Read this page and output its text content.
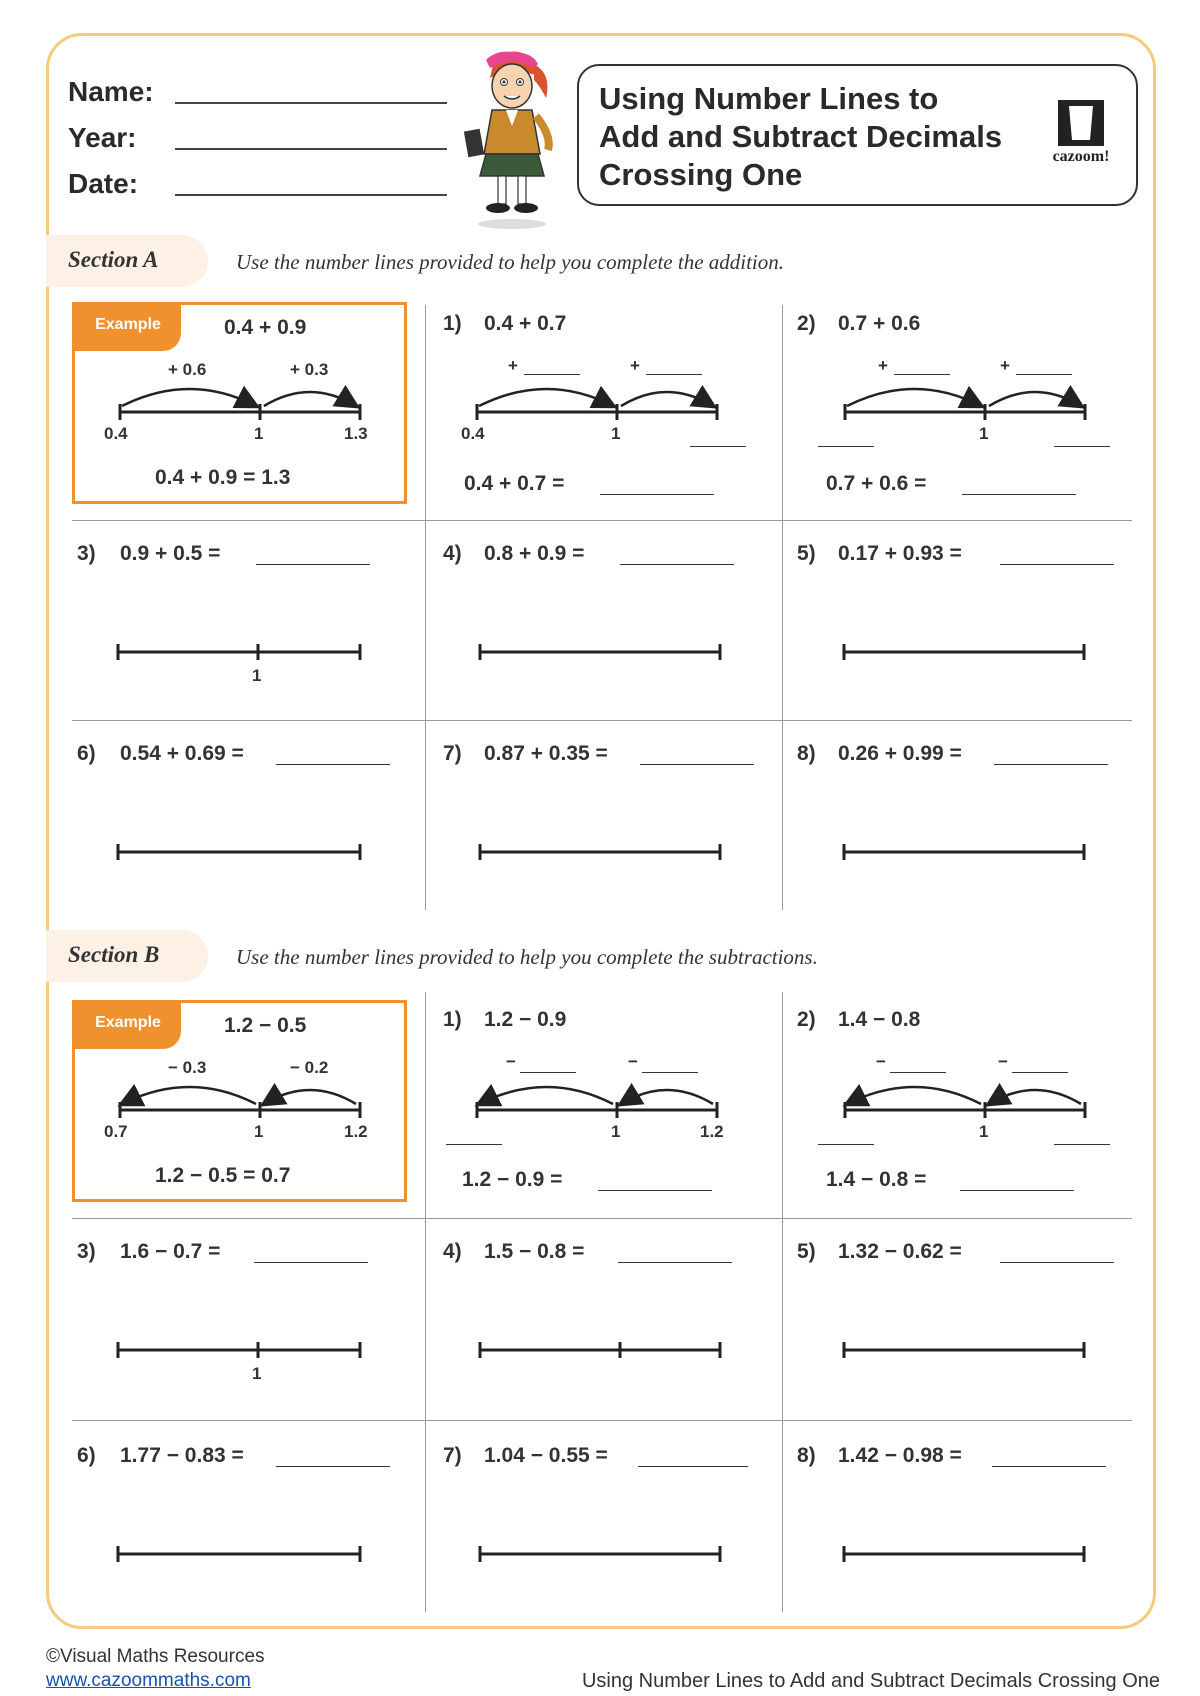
Name:
Year:
Date:
Using Number Lines to
Add and Subtract Decimals
Crossing One
cazoom!
Section A	Use the number lines provided to help you complete the addition.
Example	0.4 + 0.9
+ 0.6	+ 0.3
0.4	1	1.3
0.4 + 0.9 = 1.3
1) 0.4 + 0.7
+	+
0.4	1
0.4 + 0.7 =
2) 0.7 + 0.6
+	+
1
0.7 + 0.6 =
3) 0.9 + 0.5 =
1
4) 0.8 + 0.9 =	5) 0.17 + 0.93 =
6) 0.54 + 0.69 =	7) 0.87 + 0.35 =	8) 0.26 + 0.99 =
Section B	Use the number lines provided to help you complete the subtractions.
Example	1.2 − 0.5
− 0.3	− 0.2
0.7	1	1.2
1.2 − 0.5 = 0.7
1) 1.2 − 0.9
−	−
1	1.2
1.2 − 0.9 =
2) 1.4 − 0.8
−	−
1
1.4 − 0.8 =
3) 1.6 − 0.7 =
1
4) 1.5 − 0.8 =	5) 1.32 − 0.62 =
6) 1.77 − 0.83 =	7) 1.04 − 0.55 =	8) 1.42 − 0.98 =
©Visual Maths Resources
www.cazoommaths.com	Using Number Lines to Add and Subtract Decimals Crossing One
